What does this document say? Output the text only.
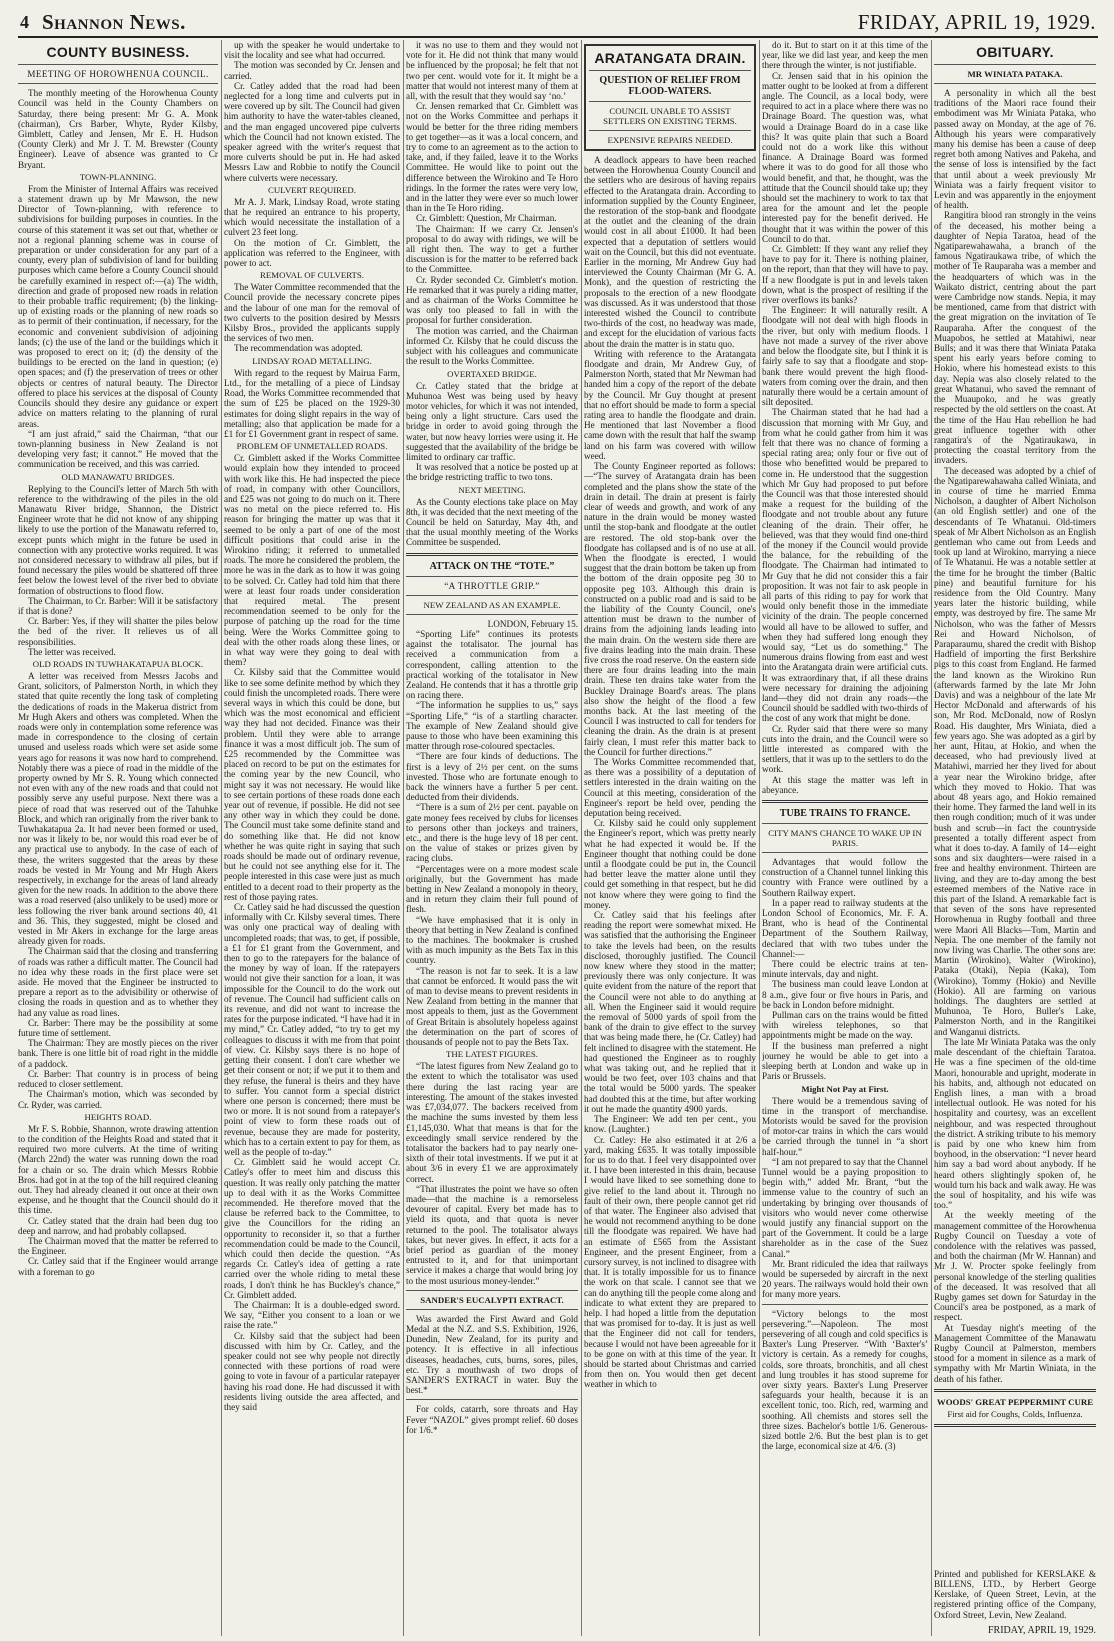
4 Shannon News.	FRIDAY, APRIL 19, 1929.
COUNTY BUSINESS.
MEETING OF HOROWHENUA COUNCIL.

The monthly meeting of the Horowhenua County Council was held in the County Chambers on Saturday, there being present: Mr G. A. Monk (chairman), Crs Barber, Whyte, Ryder Kilsby, Gimblett, Catley and Jensen, Mr E. H. Hudson (County Clerk) and Mr J. T. M. Brewster (County Engineer). Leave of absence was granted to Cr Bryant.

TOWN-PLANNING.

From the Minister of Internal Affairs was received a statement drawn up by Mr Mawson, the new Director of Town-planning, with reference to subdivisions for building purposes in counties. In the course of this statement it was set out that, whether or not a regional planning scheme was in course of preparation or under consideration for any part of a county, every plan of subdivision of land for building purposes which came before a County Council should be carefully examined in respect of:—(a) The width, direction and grade of proposed new roads in relation to their probable traffic requirement; (b) the linking-up of existing roads or the planning of new roads so as to permit of their continuation, if necessary, for the economic and convenient subdivision of adjoining lands; (c) the use of the land or the buildings which it was proposed to erect on it; (d) the density of the buildings to be erected on the land in question; (e) open spaces; and (f) the preservation of trees or other objects or centres of natural beauty. The Director offered to place his services at the disposal of County Councils should they desire any guidance or expert advice on matters relating to the planning of rural areas.

“I am just afraid,” said the Chairman, “that our town-planning business in New Zealand is not developing very fast; it cannot.” He moved that the communication be received, and this was carried.

OLD MANAWATU BRIDGES.

Replying to the Council's letter of March 5th with reference to the withdrawing of the piles in the old Manawatu River bridge, Shannon, the District Engineer wrote that he did not know of any shipping likely to use the portion of the Manawatu referred to, except punts which might in the future be used in connection with any protective works required. It was not considered necessary to withdraw all piles, but if found necessary the piles would be shattered off three feet below the lowest level of the river bed to obviate formation of obstructions to flood flow.

The Chairman, to Cr. Barber: Will it be satisfactory if that is done?

Cr. Barber: Yes, if they will shatter the piles below the bed of the river. It relieves us of all responsibilities.

The letter was received.

OLD ROADS IN TUWHAKATAPUA BLOCK.

A letter was received from Messrs Jacobs and Grant, solicitors, of Palmerston North, in which they stated that quite recently the long task of completing the dedications of roads in the Makerua district from Mr Hugh Akers and others was completed. When the roads were only in contemplation some reference was made in correspondence to the closing of certain unused and useless roads which were set aside some years ago for reasons it was now hard to comprehend. Notably there was a piece of road in the middle of the property owned by Mr S. R. Young which connected not even with any of the new roads and that could not possibly serve any useful purpose. Next there was a piece of road that was reserved out of the Tahuhke Block, and which ran originally from the river bank to Tuwhakatapua 2a. It had never been formed or used, nor was it likely to be, nor would this road ever be of any practical use to anybody. In the case of each of these, the writers suggested that the areas by these roads be vested in Mr Young and Mr Hugh Akers respectively, in exchange for the areas of land already given for the new roads. In addition to the above there was a road reserved (also unlikely to be used) more or less following the river bank around sections 40, 41 and 36. This, they suggested, might be closed and vested in Mr Akers in exchange for the large areas already given for roads.

The Chairman said that the closing and transferring of roads was rather a difficult matter. The Council had no idea why these roads in the first place were set aside. He moved that the Engineer be instructed to prepare a report as to the advisibility or otherwise of closing the roads in question and as to whether they had any value as road lines.

Cr. Barber: There may be the possibility at some future time of settlement.

The Chairman: They are mostly pieces on the river bank. There is one little bit of road right in the middle of a paddock.

Cr. Barber: That country is in process of being reduced to closer settlement.

The Chairman's motion, which was seconded by Cr. Ryder, was carried.

HEIGHTS ROAD.

Mr F. S. Robbie, Shannon, wrote drawing attention to the condition of the Heights Road and stated that it required two more culverts. At the time of writing (March 22nd) the water was running down the road for a chain or so. The drain which Messrs Robbie Bros. had got in at the top of the hill required cleaning out. They had already cleaned it out once at their own expense, and he thought that the Council should do it this time.

Cr. Catley stated that the drain had been dug too deep and narrow, and had probably collapsed.

The Chairman moved that the matter be referred to the Engineer.

Cr. Catley said that if the Engineer would arrange with a foreman to go

up with the speaker he would undertake to visit the locality and see what had occurred.

The motion was seconded by Cr. Jensen and carried.

Cr. Catley added that the road had been neglected for a long time and culverts put in were covered up by silt. The Council had given him authority to have the water-tables cleaned, and the man engaged uncovered pipe culverts which the Council had not known existed. The speaker agreed with the writer's request that more culverts should be put in. He had asked Messrs Law and Robbie to notify the Council where culverts were necessary.

CULVERT REQUIRED.

Mr A. J. Mark, Lindsay Road, wrote stating that he required an entrance to his property, which would necessitate the installation of a culvert 23 feet long.

On the motion of Cr. Gimblett, the application was referred to the Engineer, with power to act.

REMOVAL OF CULVERTS.

The Water Committee recommended that the Council provide the necessary concrete pipes and the labour of one man for the removal of two culverts to the position desired by Messrs Kilsby Bros., provided the applicants supply the services of two men.

The recommendation was adopted.

LINDSAY ROAD METALLING.

With regard to the request by Mairua Farm, Ltd., for the metalling of a piece of Lindsay Road, the Works Committee recommended that the sum of £25 be placed on the 1929-30 estimates for doing slight repairs in the way of metalling; also that application be made for a £1 for £1 Government grant in respect of same.

PROBLEM OF UNMETALLED ROADS.

Cr. Gimblett asked if the Works Committee would explain how they intended to proceed with work like this. He had inspected the piece of road, in company with other Councillors, and £25 was not going to do much on it. There was no metal on the piece referred to. His reason for bringing the matter up was that it seemed to be only a part of one of the most difficult positions that could arise in the Wirokino riding; it referred to unmetalled roads. The more he considered the problem, the more he was in the dark as to how it was going to be solved. Cr. Catley had told him that there were at least four roads under consideration that required metal. The present recommendation seemed to be only for the purpose of patching up the road for the time being. Were the Works Committee going to deal with the other roads along these lines, or in what way were they going to deal with them?

Cr. Kilsby said that the Committee would like to see some definite method by which they could finish the uncompleted roads. There were several ways in which this could be done, but which was the most economical and efficient way they had not decided. Finance was their problem. Until they were able to arrange finance it was a most difficult job. The sum of £25 recommended by the Committee was placed on record to be put on the estimates for the coming year by the new Council, who might say it was not necessary. He would like to see certain portions of these roads done each year out of revenue, if possible. He did not see any other way in which they could be done. The Council must take some definite stand and do something like that. He did not know whether he was quite right in saying that such roads should be made out of ordinary revenue, but he could not see anything else for it. The people interested in this case were just as much entitled to a decent road to their property as the rest of those paying rates.

Cr. Catley said he had discussed the question informally with Cr. Kilsby several times. There was only one practical way of dealing with uncompleted roads; that was, to get, if possible, a £1 for £1 grant from the Government, and then to go to the ratepayers for the balance of the money by way of loan. If the ratepayers would not give their sanction for a loan, it was impossible for the Council to do the work out of revenue. The Council had sufficient calls on its revenue, and did not want to increase the rates for the purpose indicated. “I have had it in my mind,” Cr. Catley added, “to try to get my colleagues to discuss it with me from that point of view. Cr. Kilsby says there is no hope of getting their consent. I don't care whether we get their consent or not; if we put it to them and they refuse, the funeral is theirs and they have to suffer. You cannot form a special district where one person is concerned; there must be two or more. It is not sound from a ratepayer's point of view to form these roads out of revenue, because they are made for posterity, which has to a certain extent to pay for them, as well as the people of to-day.”

Cr. Gimblett said he would accept Cr. Catley's offer to meet him and discuss this question. It was really only patching the matter up to deal with it as the Works Committee recommended. He therefore moved that the clause be referred back to the Committee, to give the Councillors for the riding an opportunity to reconsider it, so that a further recommendation could be made to the Council, which could then decide the question. “As regards Cr. Catley's idea of getting a rate carried over the whole riding to metal these roads, I don't think he has Buckley's chance,” Cr. Gimblett added.

The Chairman: It is a double-edged sword. We say, “Either you consent to a loan or we raise the rate.”

Cr. Kilsby said that the subject had been discussed with him by Cr. Catley, and the speaker could not see why people not directly connected with these portions of road were going to vote in favour of a particular ratepayer having his road done. He had discussed it with residents living outside the area affected, and they said

it was no use to them and they would not vote for it. He did not think that many would be influenced by the proposal; he felt that not two per cent. would vote for it. It might be a matter that would not interest many of them at all, with the result that they would say ‘no.’

Cr. Jensen remarked that Cr. Gimblett was not on the Works Committee and perhaps it would be better for the three riding members to get together—as it was a local concern, and try to come to an agreement as to the action to take, and, if they failed, leave it to the Works Committee. He would like to point out the difference between the Wirokino and Te Horo ridings. In the former the rates were very low, and in the latter they were ever so much lower than in the Te Horo riding.

Cr. Gimblett: Question, Mr Chairman.

The Chairman: If we carry Cr. Jensen's proposal to do away with ridings, we will be all right then. The way to get a further discussion is for the matter to be referred back to the Committee.

Cr. Ryder seconded Cr. Gimblett's motion. He remarked that it was purely a riding matter, and as chairman of the Works Committee he was only too pleased to fall in with the proposal for further consideration.

The motion was carried, and the Chairman informed Cr. Kilsby that he could discuss the subject with his colleagues and communicate the result to the Works Committee.

OVERTAXED BRIDGE.

Cr. Catley stated that the bridge at Muhunoa West was being used by heavy motor vehicles, for which it was not intended, being only a light structure. Cars used the bridge in order to avoid going through the water, but now heavy lorries were using it. He suggested that the availability of the bridge be limited to ordinary car traffic.

It was resolved that a notice be posted up at the bridge restricting traffic to two tons.

NEXT MEETING.

As the County elections take place on May 8th, it was decided that the next meeting of the Council be held on Saturday, May 4th, and that the usual monthly meeting of the Works Committee be suspended.

ATTACK ON THE “TOTE.”
“A THROTTLE GRIP.”
NEW ZEALAND AS AN EXAMPLE.

LONDON, February 15.

“Sporting Life” continues its protests against the totalisator. The journal has received a communication from a correspondent, calling attention to the practical working of the totalisator in New Zealand. He contends that it has a throttle grip on racing there.

“The information he supplies to us,” says “Sporting Life,” “is of a startling character. The example of New Zealand should give pause to those who have been examining this matter through rose-coloured spectacles.

“There are four kinds of deductions. The first is a levy of 2½ per cent. on the sums invested. Those who are fortunate enough to back the winners have a further 5 per cent. deducted from their dividends.

“There is a sum of 2½ per cent. payable on gate money fees received by clubs for licenses to persons other than jockeys and trainers, etc., and there is the huge levy of 18 per cent. on the value of stakes or prizes given by racing clubs.

“Percentages were on a more modest scale originally, but the Government has made betting in New Zealand a monopoly in theory, and in return they claim their full pound of flesh.

“We have emphasised that it is only in theory that betting in New Zealand is confined to the machines. The bookmaker is crushed with as much impunity as the Bets Tax in this country.

“The reason is not far to seek. It is a law that cannot be enforced. It would pass the wit of man to devise means to prevent residents in New Zealand from betting in the manner that most appeals to them, just as the Government of Great Britain is absolutely hopeless against the determination on the part of scores of thousands of people not to pay the Bets Tax.

THE LATEST FIGURES.

“The latest figures from New Zealand go to the extent to which the totalisator was used there during the last racing year are interesting. The amount of the stakes invested was £7,034,077. The backers received from the machine the sums invested by them less £1,145,030. What that means is that for the exceedingly small service rendered by the totalisator the backers had to pay nearly one-sixth of their total investments. If we put it at about 3/6 in every £1 we are approximately correct.

“That illustrates the point we have so often made—that the machine is a remorseless devourer of capital. Every bet made has to yield its quota, and that quota is never returned to the pool. The totalisator always takes, but never gives. In effect, it acts for a brief period as guardian of the money entrusted to it, and for that unimportant service it makes a charge that would bring joy to the most usurious money-lender.”

SANDER'S EUCALYPTI EXTRACT.

Was awarded the First Award and Gold Medal at the N.Z. and S.S. Exhibition, 1926, Dunedin, New Zealand, for its purity and potency. It is effective in all infectious diseases, headaches, cuts, burns, sores, piles, etc. Try a mouthwash of two drops of SANDER'S EXTRACT in water. Buy the best.*

For colds, catarrh, sore throats and Hay Fever “NAZOL” gives prompt relief. 60 doses for 1/6.*

ARATANGATA DRAIN.
QUESTION OF RELIEF FROM FLOOD-WATERS.
COUNCIL UNABLE TO ASSIST SETTLERS ON EXISTING TERMS.
EXPENSIVE REPAIRS NEEDED.

A deadlock appears to have been reached between the Horowhenua County Council and the settlers who are desirous of having repairs effected to the Aratangata drain. According to information supplied by the County Engineer, the restoration of the stop-bank and floodgate at the outlet and the cleaning of the drain would cost in all about £1000. It had been expected that a deputation of settlers would wait on the Council, but this did not eventuate. Earlier in the morning, Mr Andrew Guy had interviewed the County Chairman (Mr G. A. Monk), and the question of restricting the proposals to the erection of a new floodgate was discussed. As it was understood that those interested wished the Council to contribute two-thirds of the cost, no headway was made, and except for the elucidation of various facts about the drain the matter is in statu quo.

Writing with reference to the Aratangata floodgate and drain, Mr Andrew Guy, of Palmerston North, stated that Mr Newman had handed him a copy of the report of the debate by the Council. Mr Guy thought at present that no effort should be made to form a special rating area to handle the floodgate and drain. He mentioned that last November a flood came down with the result that half the swamp land on his farm was covered with willow weed.

The County Engineer reported as follows:—“The survey of Aratangata drain has been completed and the plans show the state of the drain in detail. The drain at present is fairly clear of weeds and growth, and work of any nature in the drain would be money wasted until the stop-bank and floodgate at the outlet are restored. The old stop-bank over the floodgate has collapsed and is of no use at all. When the floodgate is erected, I would suggest that the drain bottom be taken up from the bottom of the drain opposite peg 30 to opposite peg 103. Although this drain is constructed on a public road and is said to be the liability of the County Council, one's attention must be drawn to the number of drains from the adjoining lands leading into the main drain. On the western side there are five drains leading into the main drain. These five cross the road reserve. On the eastern side there are four drains leading into the main drain. These ten drains take water from the Buckley Drainage Board's areas. The plans also show the height of the flood a few months back. At the last meeting of the Council I was instructed to call for tenders for cleaning the drain. As the drain is at present fairly clean, I must refer this matter back to the Council for further directions.”

The Works Committee recommended that, as there was a possibility of a deputation of settlers interested in the drain waiting on the Council at this meeting, consideration of the Engineer's report be held over, pending the deputation being received.

Cr. Kilsby said he could only supplement the Engineer's report, which was pretty nearly what he had expected it would be. If the Engineer thought that nothing could be done until a floodgate could be put in, the Council had better leave the matter alone until they could get something in that respect, but he did not know where they were going to find the money.

Cr. Catley said that his feelings after reading the report were somewhat mixed. He was satisfied that the authorising the Engineer to take the levels had been, on the results disclosed, thoroughly justified. The Council now knew where they stood in the matter; previously there was only conjecture. It was quite evident from the nature of the report that the Council were not able to do anything at all. When the Engineer said it would require the removal of 5000 yards of spoil from the bank of the drain to give effect to the survey that was being made there, he (Cr. Catley) had felt inclined to disagree with the statement. He had questioned the Engineer as to roughly what was taking out, and he replied that it would be two feet, over 103 chains and that the total would be 5000 yards. The speaker had doubted this at the time, but after working it out he made the quantity 4900 yards.

The Engineer: We add ten per cent., you know. (Laughter.)

Cr. Catley: He also estimated it at 2/6 a yard, making £635. It was totally impossible for us to do that. I feel very disappointed over it. I have been interested in this drain, because I would have liked to see something done to give relief to the land about it. Through no fault of their own, there people cannot get rid of that water. The Engineer also advised that he would not recommend anything to be done till the floodgate was repaired. We have had an estimate of £565 from the Assistant Engineer, and the present Engineer, from a cursory survey, is not inclined to disagree with that. It is totally impossible for us to finance the work on that scale. I cannot see that we can do anything till the people come along and indicate to what extent they are prepared to help. I had hoped a little from the deputation that was promised for to-day. It is just as well that the Engineer did not call for tenders, because I would not have been agreeable for it to be gone on with at this time of the year. It should be started about Christmas and carried from then on. You would then get decent weather in which to

do it. But to start on it at this time of the year, like we did last year, and keep the men there through the winter, is not justifiable.

Cr. Jensen said that in his opinion the matter ought to be looked at from a different angle. The Council, as a local body, were required to act in a place where there was no Drainage Board. The question was, what would a Drainage Board do in a case like this? It was quite plain that such a Board could not do a work like this without finance. A Drainage Board was formed where it was to do good for all those who would benefit, and that, he thought, was the attitude that the Council should take up; they should set the machinery to work to tax that area for the amount and let the people interested pay for the benefit derived. He thought that it was within the power of this Council to do that.

Cr. Gimblett: If they want any relief they have to pay for it. There is nothing plainer, on the report, than that they will have to pay. If a new floodgate is put in and levels taken down, what is the prospect of resilting if the river overflows its banks?

The Engineer: It will naturally resilt. A floodgate will not deal with high floods in the river, but only with medium floods. I have not made a survey of the river above and below the floodgate site, but I think it is fairly safe to say that a floodgate and stop-bank there would prevent the high flood-waters from coming over the drain, and then naturally there would be a certain amount of silt deposited.

The Chairman stated that he had had a discussion that morning with Mr Guy, and from what he could gather from him it was felt that there was no chance of forming a special rating area; only four or five out of those who benefitted would be prepared to come in. He understood that the suggestion which Mr Guy had proposed to put before the Council was that those interested should make a request for the building of the floodgate and not trouble about any future cleaning of the drain. Their offer, he believed, was that they would find one-third of the money if the Council would provide the balance, for the rebuilding of the floodgate. The Chairman had intimated to Mr Guy that he did not consider this a fair proposition. It was not fair to ask people in all parts of this riding to pay for work that would only benefit those in the immediate vicinity of the drain. The people concerned would all have to be allowed to suffer, and when they had suffered long enough they would say, “Let us do something.” The numerous drains flowing from east and west into the Aratangata drain were artificial cuts. It was extraordinary that, if all these drains were necessary for draining the adjoining land—they did not drain any roads—the Council should be saddled with two-thirds of the cost of any work that might be done.

Cr. Ryder said that there were so many cuts into the drain, and the Council were so little interested as compared with the settlers, that it was up to the settlers to do the work.

At this stage the matter was left in abeyance.

TUBE TRAINS TO FRANCE.
CITY MAN'S CHANCE TO WAKE UP IN PARIS.

Advantages that would follow the construction of a Channel tunnel linking this country with France were outlined by a Southern Railway expert.

In a paper read to railway students at the London School of Economics, Mr. F. A. Brant, who is head of the Continental Department of the Southern Railway, declared that with two tubes under the Channel:—

There could be electric trains at ten-minute intervals, day and night.

The business man could leave London at 8 a.m., give four or five hours in Paris, and be back in London before midnight.

Pullman cars on the trains would be fitted with wireless telephones, so that appointments might be made on the way.

If the business man preferred a night journey he would be able to get into a sleeping berth at London and wake up in Paris or Brussels.

Might Not Pay at First.

There would be a tremendous saving of time in the transport of merchandise. Motorists would be saved for the provision of motor-car trains in which the cars would be carried through the tunnel in “a short half-hour.”

“I am not prepared to say that the Channel Tunnel would be a paying proposition to begin with,” added Mr. Brant, “but the immense value to the country of such an undertaking by bringing over thousands of visitors who would never come otherwise would justify any financial support on the part of the Government. It could be a large shareholder as in the case of the Suez Canal.”

Mr. Brant ridiculed the idea that railways would be superseded by aircraft in the next 20 years. The railways would hold their own for many more years.

“Victory belongs to the most persevering.”—Napoleon. The most persevering of all cough and cold specifics is Baxter's Lung Preserver. “With ‘Baxter's’ victory is certain. As a remedy for coughs, colds, sore throats, bronchitis, and all chest and lung troubles it has stood supreme for over sixty years. Baxter's Lung Preserver safeguards your health, because it is an excellent tonic, too. Rich, red, warming and soothing. All chemists and stores sell the three sizes. Bachelor's bottle 1/6. Generous-sized bottle 2/6. But the best plan is to get the large, economical size at 4/6. (3)

OBITUARY.
MR WINIATA PATAKA.

A personality in which all the best traditions of the Maori race found their embodiment was Mr Winiata Pataka, who passed away on Monday, at the age of 76. Although his years were comparatively many his demise has been a cause of deep regret both among Natives and Pakeha, and the sense of loss is intensified by the fact that until about a week previously Mr Winiata was a fairly frequent visitor to Levin and was apparently in the enjoyment of health.

Rangitira blood ran strongly in the veins of the deceased, his mother being a daughter of Nepia Taratoa, head of the Ngatiparewahawaha, a branch of the famous Ngatiraukawa tribe, of which the mother of Te Rauparaha was a member and the headquarters of which was in the Waikato district, centring about the part were Cambridge now stands. Nepia, it may be mentioned, came from that district with the great migration on the invitation of Te Rauparaha. After the conquest of the Muapobos, he settled at Matahiwi, near Bulls; and it was there that Winiata Pataka spent his early years before coming to Hokio, where his homestead exists to this day. Nepia was also closely related to the great Whatanui, who saved the remnant of the Muaupoko, and he was greatly respected by the old settlers on the coast. At the time of the Hau Hau rebellion he had great influence together with other rangatira's of the Ngatiraukawa, in protecting the coastal territory from the invaders.

The deceased was adopted by a chief of the Ngatiparewahawaha called Winiata, and in course of time he married Emma Nicholson, a daughter of Albert Nicholson (an old English settler) and one of the descendants of Te Whatanui. Old-timers speak of Mr Albert Nicholson as an English gentleman who came out from Leeds and took up land at Wirokino, marrying a niece of Te Whatanui. He was a notable settler at the time for he brought the timber (Baltic pine) and beautiful furniture for his residence from the Old Country. Many years later the historic building, while empty, was destroyed by fire. The same Mr Nicholson, who was the father of Messrs Rei and Howard Nicholson, of Paraparaumu, shared the credit with Bishop Hadfield of importing the first Berkshire pigs to this coast from England. He farmed the land known as the Wirokino Run (afterwards farmed by the late Mr John Davis) and was a neighbour of the late Mr Hector McDonald and afterwards of his son, Mr Rod. McDonald, now of Roslyn Road. His daughter, Mrs Winiata, died a few years ago. She was adopted as a girl by her aunt, Hitau, at Hokio, and when the deceased, who had previously lived at Matahiwi, married her they lived for about a year near the Wirokino bridge, after which they moved to Hokio. That was about 48 years ago, and Hokio remained their home. They farmed the land well in its then rough condition; much of it was under bush and scrub—in fact the countryside presented a totally different aspect from what it does to-day. A family of 14—eight sons and six daughters—were raised in a free and healthy environment. Thirteen are living, and they are to-day among the best esteemed members of the Native race in this part of the Island. A remarkable fact is that seven of the sons have represented Horowhenua in Rugby football and three were Maori All Blacks—Tom, Martin and Nepia. The one member of the family not now living was Charlie. The other sons are: Martin (Wirokino), Walter (Wirokino), Pataka (Otaki), Nepia (Kaka), Tom (Wirokino), Tommy (Hokio) and Neville (Hokio). All are farming on various holdings. The daughters are settled at Muhunoa, Te Horo, Buller's Lake, Palmerston North, and in the Rangitikei and Wanganui districts.

The late Mr Winiata Pataka was the only male descendant of the chieftain Taratoa. He was a fine specimen of the old-time Maori, honourable and upright, moderate in his habits, and, although not educated on English lines, a man with a broad intellectual outlook. He was noted for his hospitality and courtesy, was an excellent neighbour, and was respected throughout the district. A striking tribute to his memory is paid by one who knew him from boyhood, in the observation: “I never heard him say a bad word about anybody. If he heard others slightingly spoken of, he would turn his back and walk away. He was the soul of hospitality, and his wife was too.”

At the weekly meeting of the management committee of the Horowhenua Rugby Council on Tuesday a vote of condolence with the relatives was passed, and both the chairman (Mr W. Hannan) and Mr J. W. Procter spoke feelingly from personal knowledge of the sterling qualities of the deceased. It was resolved that all Rugby games set down for Saturday in the Council's area be postponed, as a mark of respect.

At Tuesday night's meeting of the Management Committee of the Manawatu Rugby Council at Palmerston, members stood for a moment in silence as a mark of sympathy with Mr Martin Winiata, in the death of his father.

WOODS' GREAT PEPPERMINT CURE
First aid for Coughs, Colds, Influenza.

Printed and published for KERSLAKE & BILLENS, LTD., by Herbert George Kerslake, of Queen Street, Levin, at the registered printing office of the Company, Oxford Street, Levin, New Zealand.

FRIDAY, APRIL 19, 1929.
